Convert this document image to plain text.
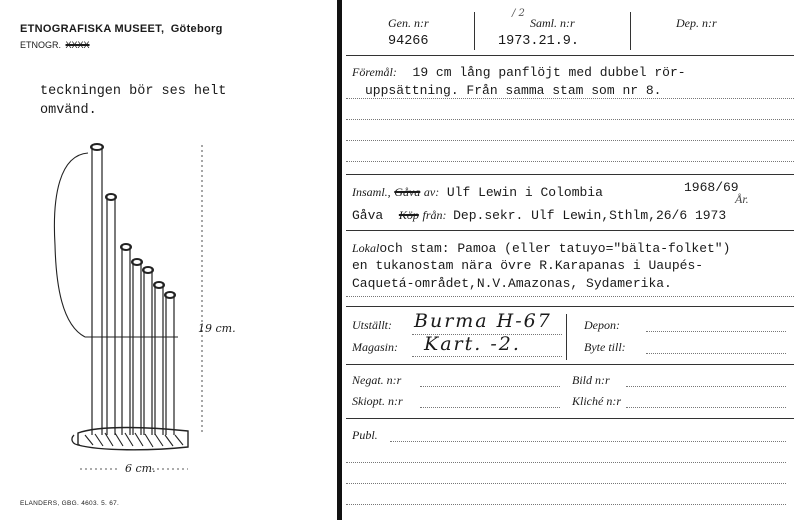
ETNOGRAFISKA MUSEET, Göteborg
ETNOGR. XXXX
teckningen bör ses helt
omvänd.
19 cm.
6 cm.
ELANDERS, GBG. 4603. 5. 67.
Gen. n:r
94266
Saml. n:r
/ 2
1973.21.9.
Dep. n:r
Föremål: 19 cm lång panflöjt med dubbel rör-
uppsättning. Från samma stam som nr 8.
Insaml., Gåva av: Ulf Lewin i Colombia	1968/69
År.
Gåva Köp från: Dep.sekr. Ulf Lewin,Sthlm,26/6 1973
Lokaloch stam: Pamoa (eller tatuyo="bälta-folket")
en tukanostam nära övre R.Karapanas i Uaupés-
Caquetá-området,N.V.Amazonas, Sydamerika.
Utställt: Burma H-67
Magasin: Kart. -2.
Depon:
Byte till:
Negat. n:r	Bild n:r
Skiopt. n:r	Kliché n:r
Publ.
